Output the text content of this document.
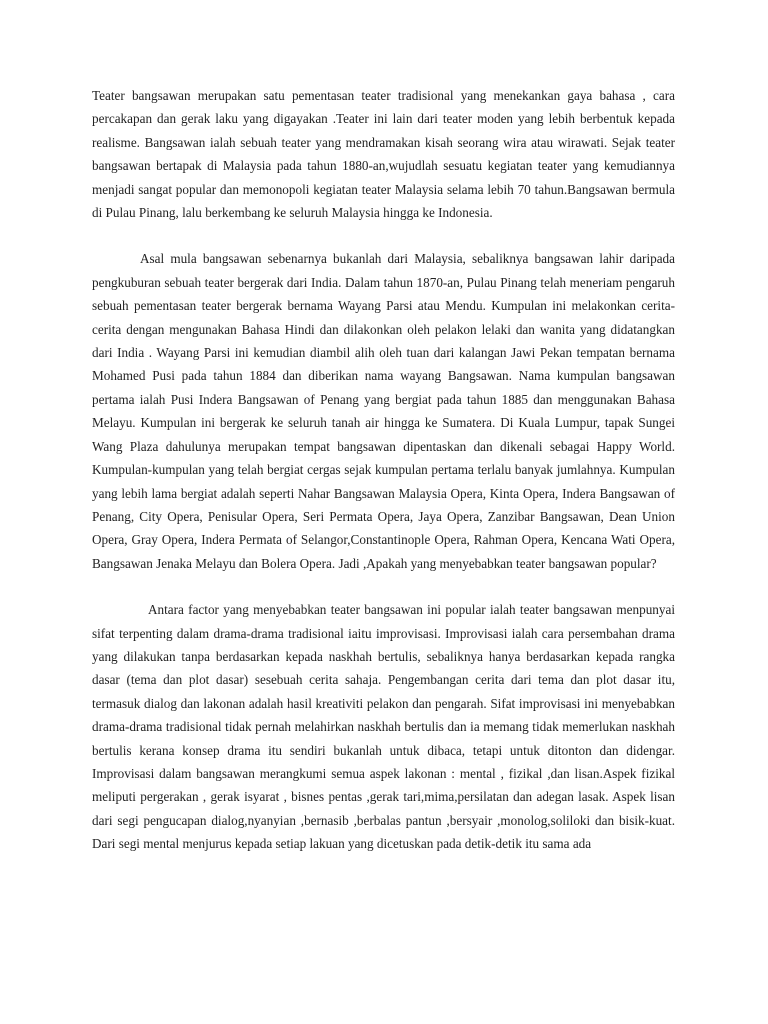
Teater bangsawan merupakan satu pementasan teater tradisional yang menekankan gaya bahasa , cara percakapan dan gerak laku yang digayakan .Teater ini lain dari teater moden yang lebih berbentuk kepada realisme. Bangsawan ialah sebuah teater yang mendramakan kisah seorang wira atau wirawati. Sejak teater bangsawan bertapak di Malaysia pada tahun 1880-an,wujudlah sesuatu kegiatan teater yang kemudiannya menjadi sangat popular dan memonopoli kegiatan teater Malaysia selama lebih 70 tahun.Bangsawan bermula di Pulau Pinang, lalu berkembang ke seluruh Malaysia hingga ke Indonesia.

Asal mula bangsawan sebenarnya bukanlah dari Malaysia, sebaliknya bangsawan lahir daripada pengkuburan sebuah teater bergerak dari India. Dalam tahun 1870-an, Pulau Pinang telah meneriam pengaruh sebuah pementasan teater bergerak bernama Wayang Parsi atau Mendu. Kumpulan ini melakonkan cerita-cerita dengan mengunakan Bahasa Hindi dan dilakonkan oleh pelakon lelaki dan wanita yang didatangkan dari India . Wayang Parsi ini kemudian diambil alih oleh tuan dari kalangan Jawi Pekan tempatan bernama Mohamed Pusi pada tahun 1884 dan diberikan nama wayang Bangsawan. Nama kumpulan bangsawan pertama ialah Pusi Indera Bangsawan of Penang yang bergiat pada tahun 1885 dan menggunakan Bahasa Melayu. Kumpulan ini bergerak ke seluruh tanah air hingga ke Sumatera. Di Kuala Lumpur, tapak Sungei Wang Plaza dahulunya merupakan tempat bangsawan dipentaskan dan dikenali sebagai Happy World. Kumpulan-kumpulan yang telah bergiat cergas sejak kumpulan pertama terlalu banyak jumlahnya. Kumpulan yang lebih lama bergiat adalah seperti Nahar Bangsawan Malaysia Opera, Kinta Opera, Indera Bangsawan of Penang, City Opera, Penisular Opera, Seri Permata Opera, Jaya Opera, Zanzibar Bangsawan, Dean Union Opera, Gray Opera, Indera Permata of Selangor,Constantinople Opera, Rahman Opera, Kencana Wati Opera, Bangsawan Jenaka Melayu dan Bolera Opera. Jadi ,Apakah yang menyebabkan teater bangsawan popular?

Antara factor yang menyebabkan teater bangsawan ini popular ialah teater bangsawan menpunyai sifat terpenting dalam drama-drama tradisional iaitu improvisasi. Improvisasi ialah cara persembahan drama yang dilakukan tanpa berdasarkan kepada naskhah bertulis, sebaliknya hanya berdasarkan kepada rangka dasar (tema dan plot dasar) sesebuah cerita sahaja. Pengembangan cerita dari tema dan plot dasar itu, termasuk dialog dan lakonan adalah hasil kreativiti pelakon dan pengarah. Sifat improvisasi ini menyebabkan drama-drama tradisional tidak pernah melahirkan naskhah bertulis dan ia memang tidak memerlukan naskhah bertulis kerana konsep drama itu sendiri bukanlah untuk dibaca, tetapi untuk ditonton dan didengar. Improvisasi dalam bangsawan merangkumi semua aspek lakonan : mental , fizikal ,dan lisan.Aspek fizikal meliputi pergerakan , gerak isyarat , bisnes pentas ,gerak tari,mima,persilatan dan adegan lasak. Aspek lisan dari segi pengucapan dialog,nyanyian ,bernasib ,berbalas pantun ,bersyair ,monolog,soliloki dan bisik-kuat. Dari segi mental menjurus kepada setiap lakuan yang dicetuskan pada detik-detik itu sama ada
